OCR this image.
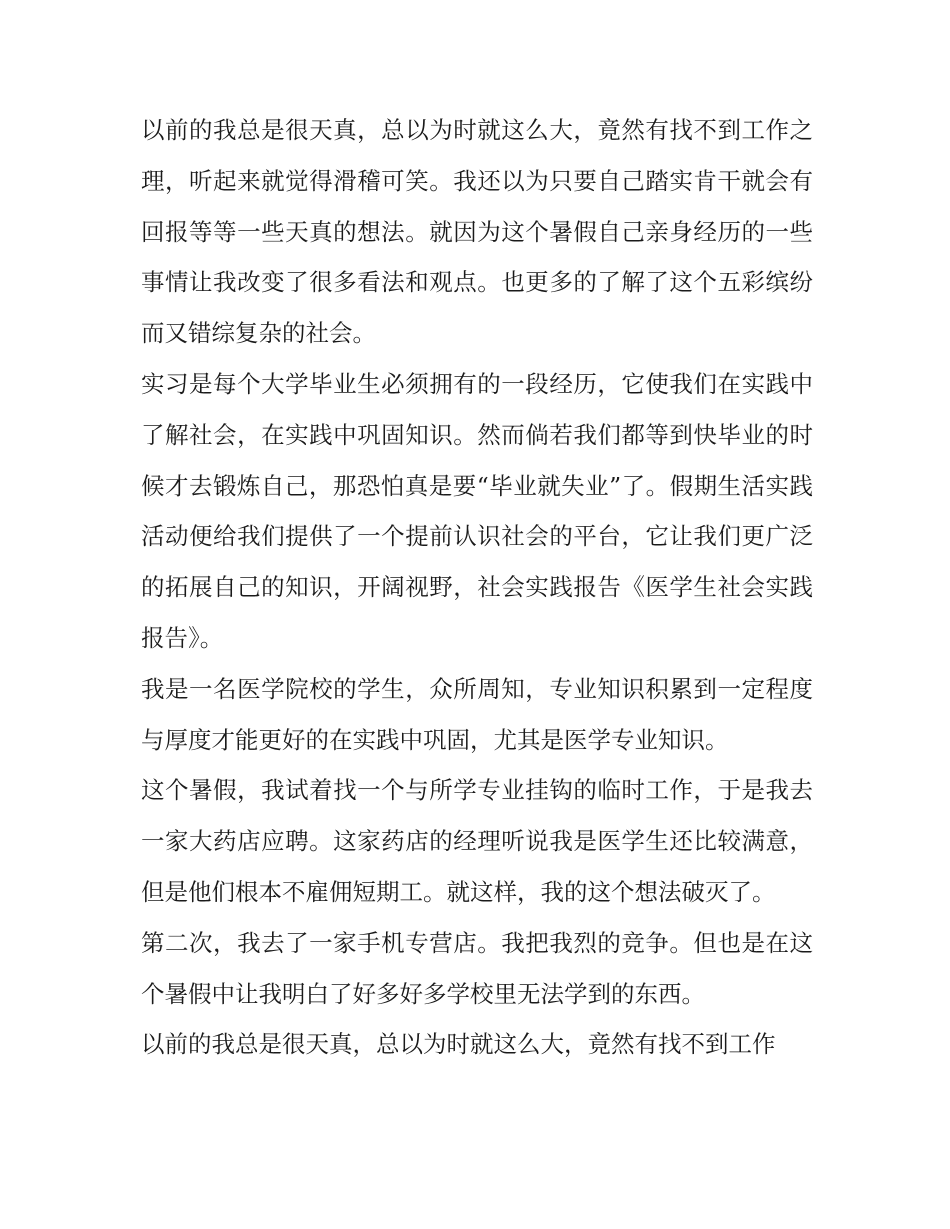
以前的我总是很天真，总以为时就这么大，竟然有找不到工作之理，听起来就觉得滑稽可笑。我还以为只要自己踏实肯干就会有回报等等一些天真的想法。就因为这个暑假自己亲身经历的一些事情让我改变了很多看法和观点。也更多的了解了这个五彩缤纷而又错综复杂的社会。

实习是每个大学毕业生必须拥有的一段经历，它使我们在实践中了解社会，在实践中巩固知识。然而倘若我们都等到快毕业的时候才去锻炼自己，那恐怕真是要“毕业就失业”了。假期生活实践活动便给我们提供了一个提前认识社会的平台，它让我们更广泛的拓展自己的知识，开阔视野，社会实践报告《医学生社会实践报告》。

我是一名医学院校的学生，众所周知，专业知识积累到一定程度与厚度才能更好的在实践中巩固，尤其是医学专业知识。

这个暑假，我试着找一个与所学专业挂钩的临时工作，于是我去一家大药店应聘。这家药店的经理听说我是医学生还比较满意，但是他们根本不雇佣短期工。就这样，我的这个想法破灭了。

第二次，我去了一家手机专营店。我把我烈的竞争。但也是在这个暑假中让我明白了好多好多学校里无法学到的东西。

以前的我总是很天真，总以为时就这么大，竟然有找不到工作
